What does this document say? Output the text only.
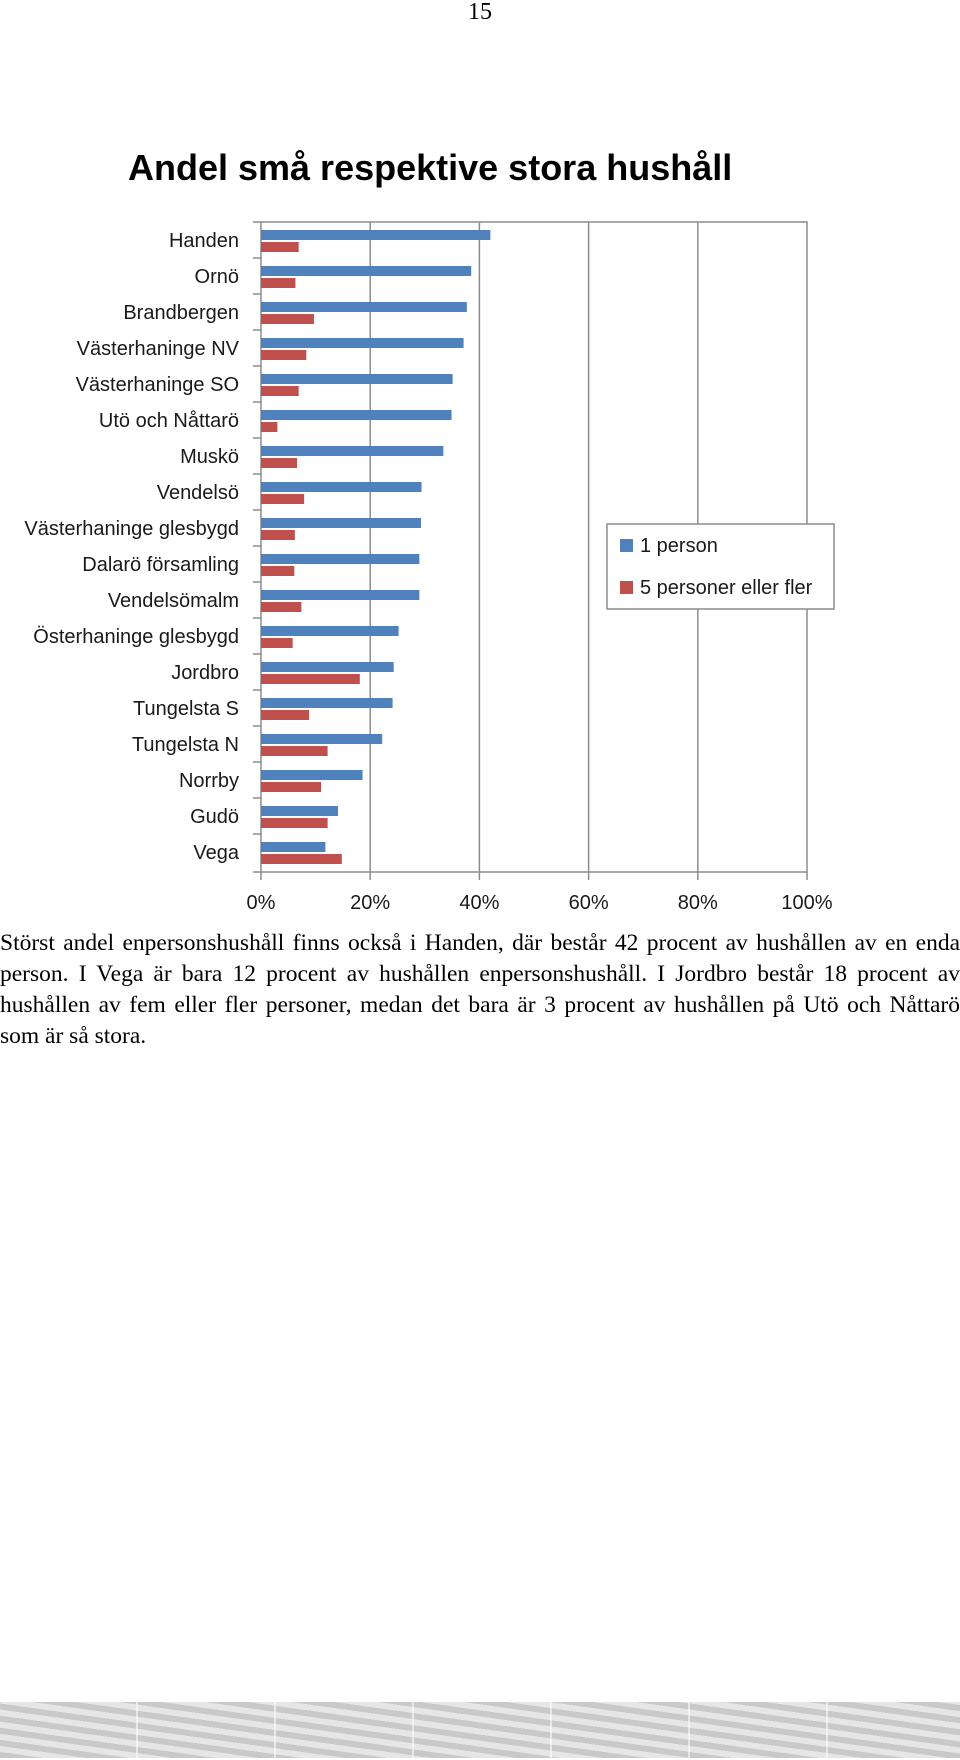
15
Andel små respektive stora hushåll
0%	20%	40%	60%	80%	100%
Handen
Ornö
Brandbergen
Västerhaninge NV
Västerhaninge SO
Utö och Nåttarö
Muskö
Vendelsö
Västerhaninge glesbygd
Dalarö församling
Vendelsömalm
Österhaninge glesbygd
Jordbro
Tungelsta S
Tungelsta N
Norrby
Gudö
Vega
1 person
5 personer eller fler

Störst andel enpersonshushåll finns också i Handen, där består 42 procent av hushållen av en enda person. I Vega är bara 12 procent av hushållen enpersonshushåll. I Jordbro består 18 procent av hushållen av fem eller fler personer, medan det bara är 3 procent av hushållen på Utö och Nåttarö som är så stora.
